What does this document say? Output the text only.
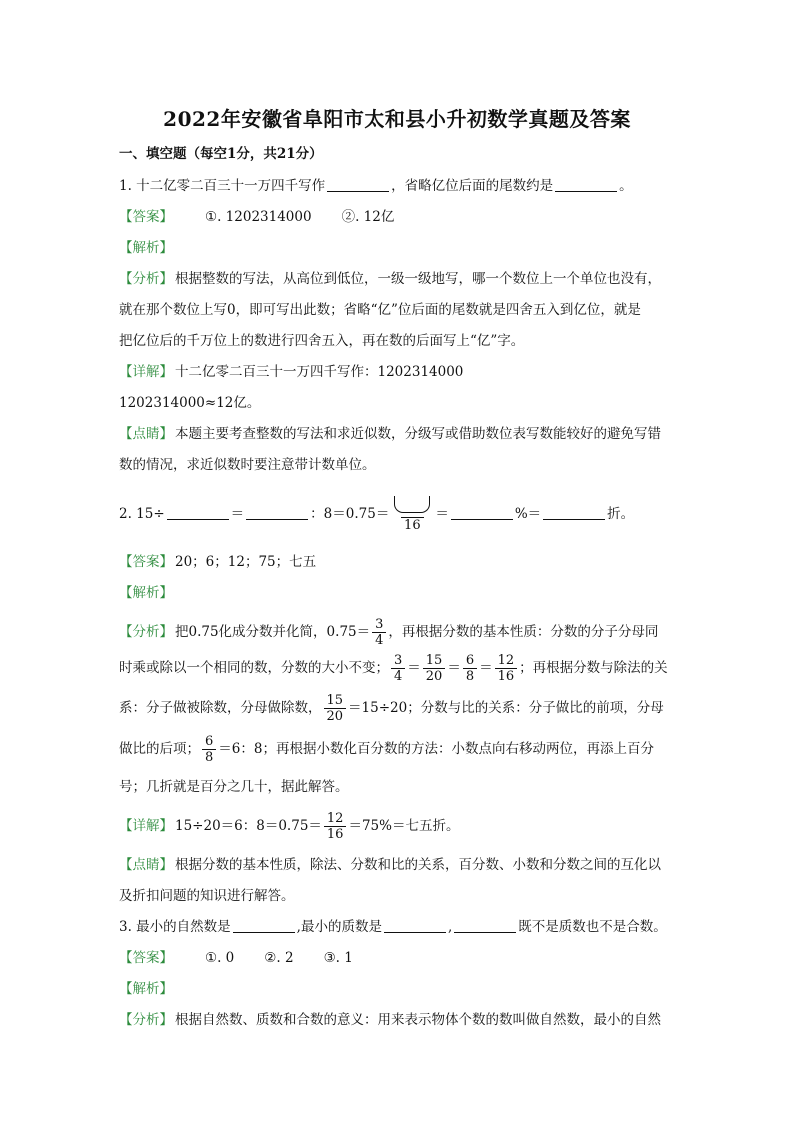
2022年安徽省阜阳市太和县小升初数学真题及答案
一、填空题（每空1分，共21分）
1. 十二亿零二百三十一万四千写作	，省略亿位后面的尾数约是	。
【答案】 ①. 1202314000 ②. 12亿
【解析】
【分析】 根据整数的写法，从高位到低位，一级一级地写，哪一个数位上一个单位也没有，
就在那个数位上写0，即可写出此数；省略“亿”位后面的尾数就是四舍五入到亿位，就是
把亿位后的千万位上的数进行四舍五入，再在数的后面写上“亿”字。
【详解】 十二亿零二百三十一万四千写作：1202314000
1202314000≈12亿。
【点睛】 本题主要考查整数的写法和求近似数，分级写或借助数位表写数能较好的避免写错
数的情况，求近似数时要注意带计数单位。
2. 15÷	＝	：8＝0.75＝
16
＝	%＝	折。
【答案】 20；6；12；75；七五
【解析】
【分析】 把0.75化成分数并化简，$0.75= \frac{3}{4}$ ，再根据分数的基本性质：分数的分子分母同
时乘或除以一个相同的数，分数的大小不变； $\frac{3}{4} = \frac{15}{20} = \frac{6}{8} = \frac{12}{16}$ ；再根据分数与除法的关
系：分子做被除数，分母做除数， $\frac{15}{20} =15\div 20$；分数与比的关系：分子做比的前项，分母
做比的后项； $\frac{6}{8} =6$：8；再根据小数化百分数的方法：小数点向右移动两位，再添上百分
号；几折就是百分之几十，据此解答。
【详解】 15÷20＝6：$8=0.75= \frac{12}{16} =75\%=$七五折。
【点睛】 根据分数的基本性质，除法、分数和比的关系，百分数、小数和分数之间的互化以
及折扣问题的知识进行解答。
3. 最小的自然数是	,最小的质数是	,	既不是质数也不是合数。
【答案】 ①. 0 ②. 2 ③. 1
【解析】
【分析】 根据自然数、质数和合数的意义：用来表示物体个数的数叫做自然数，最小的自然
